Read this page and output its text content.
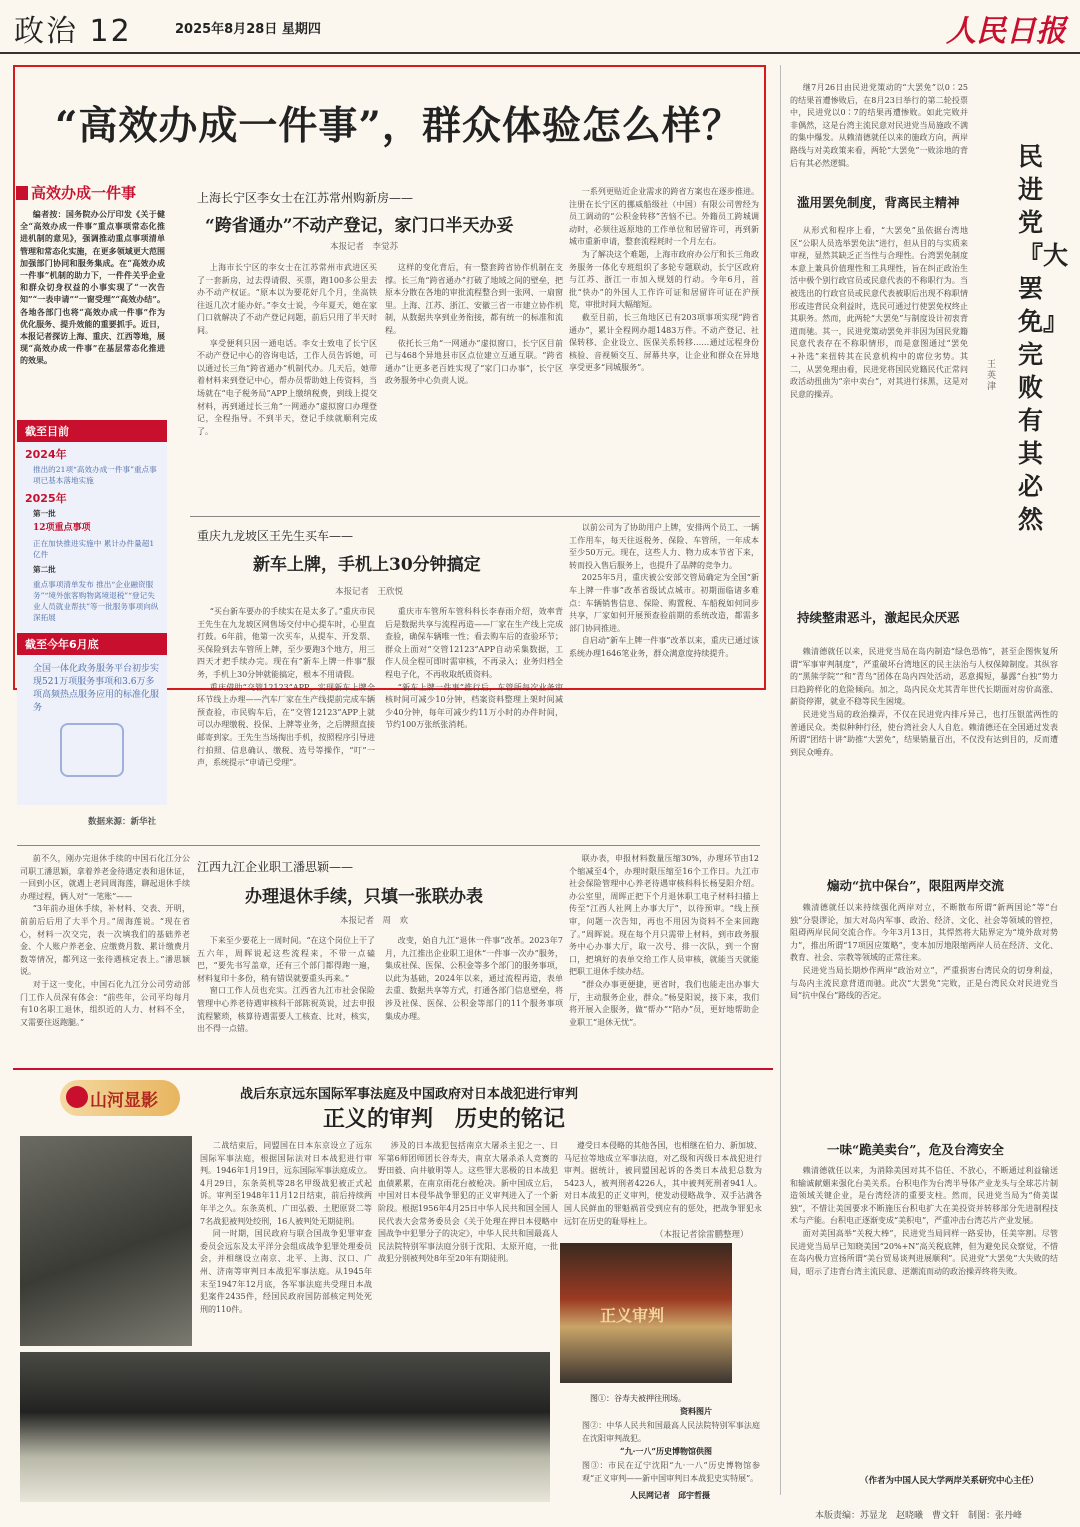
政治 12	2025年8月28日 星期四	人民日报
“高效办成一件事”，群众体验怎么样？
高效办成一件事

编者按：国务院办公厅印发《关于健全“高效办成一件事”重点事项常态化推进机制的意见》，强调推动重点事项清单管理和常态化实施，在更多领域更大范围加强部门协同和服务集成。在“高效办成一件事”机制的助力下，一件件关乎企业和群众切身权益的小事实现了“一次告知”“一表申请”“一窗受理”“高效办结”。各地各部门也将“高效办成一件事”作为优化服务、提升效能的重要抓手。近日，本报记者探访上海、重庆、江西等地，展现“高效办成一件事”在基层常态化推进的效果。

截至目前
2024年
推出的21项“高效办成一件事”重点事项已基本落地实施
2025年
第一批
12项重点事项
正在加快推进实施中 累计办件量超1亿件
第二批
重点事项清单发布 推出“企业融资服务”“境外旅客购物离境退税”“登记失业人员就业帮扶”等一批服务事项向纵深拓展
截至今年6月底
全国一体化政务服务平台初步实现521万项服务事项和3.6万多项高频热点服务应用的标准化服务
数据来源：新华社
上海长宁区李女士在江苏常州购新房——
“跨省通办”不动产登记，家门口半天办妥
本报记者　李觉苏

上海市长宁区的李女士在江苏常州市武进区买了一套新房，过去得请假、买票，跑100多公里去办不动产权证。“原本以为要花好几个月，坐高铁往返几次才能办好。”李女士说，今年夏天，她在家门口就解决了不动产登记问题，前后只用了半天时间。

享受便利只因一通电话。李女士致电了长宁区不动产登记中心的咨询电话，工作人员告诉她，可以通过长三角“跨省通办”机制代办。几天后，她带着材料来到登记中心，帮办员帮助她上传资料，当场就在“电子税务局”APP上缴纳税费，到线上提交材料，再到通过长三角“一网通办”虚拟窗口办理登记，全程指导。不到半天，登记手续就顺利完成了。

这样的变化背后，有一整套跨省协作机制在支撑。长三角“跨省通办”打破了地域之间的壁垒，把原本分散在各地的审批流程整合到一张网、一扇窗里。上海、江苏、浙江、安徽三省一市建立协作机制，从数据共享到业务衔接，都有统一的标准和流程。

依托长三角“一网通办”虚拟窗口，长宁区目前已与468个异地县市区点位建立互通互联。“跨省通办”让更多老百姓实现了“家门口办事”，长宁区政务服务中心负责人说。

一系列更贴近企业需求的跨省方案也在逐步推进。注册在长宁区的挪威船级社（中国）有限公司曾经为员工调动的“公积金转移”苦恼不已。外籍员工跨城调动时，必须往返原地的工作单位和居留许可，再到新城市重新申请，整套流程耗时一个月左右。

为了解决这个难题，上海市政府办公厅和长三角政务服务一体化专班组织了多轮专题联动，长宁区政府与江苏、浙江一市加入规划的行动。今年6月，首批“快办”的外国人工作许可证和居留许可证在沪预览，审批时间大幅缩短。

截至目前，长三角地区已有203项事项实现“跨省通办”，累计全程网办超1483万件。不动产登记、社保转移、企业设立、医保关系转移……通过远程身份核验、音视频交互、屏幕共享，让企业和群众在异地享受更多“同城服务”。

重庆九龙坡区王先生买车——
新车上牌，手机上30分钟搞定
本报记者　王欣悦

“买台新车要办的手续实在是太多了。”重庆市民王先生在九龙坡区网售场交付中心提车时，心里直打鼓。6年前，他第一次买车，从提车、开发票、买保险到去车管所上牌，至少要跑3个地方，用三四天才把手续办完。现在有“新车上牌一件事”服务，手机上30分钟就能搞定，根本不用请假。

重庆借助“交管12123”APP，实现新车上牌全环节线上办理——汽车厂家在生产线提前完成车辆预查验，市民购车后，在“交管12123”APP上就可以办理缴税、投保、上牌等业务，之后牌照直接邮寄到家。王先生当场掏出手机，按照程序引导进行拍照、信息确认、缴税、选号等操作，“叮”一声，系统提示“申请已受理”。

重庆市车管所车管科科长李春雨介绍，效率背后是数据共享与流程再造——厂家在生产线上完成查验，确保车辆唯一性；看去购车后的查验环节；群众上面对“交管12123”APP自动采集数据，工作人员全程可即时需审核，不再录入；业务归档全程电子化，不再收取纸质资料。

“新车上牌一件事”推行后，车管所每次业务审核时间可减少10分钟，档案资料整理上架时间减少40分钟，每年可减少约11万小时的办件时间，节约100万张纸张消耗。

以前公司为了协助用户上牌，安排两个员工、一辆工作用车，每天往返税务、保险、车管所，一年成本至少50万元。现在，这些人力、物力成本节省下来，转而投入售后服务上，也提升了品牌的竞争力。

2025年5月，重庆被公安部交管局确定为全国“新车上牌一件事”改革省级试点城市。初期面临诸多难点：车辆销售信息、保险、购置税、车船税如何同步共享，厂家如何开展预查验前期的系统改造，都需多部门协同推进。

自启动“新车上牌一件事”改革以来，重庆已通过该系统办理1646笔业务，群众满意度持续提升。

前不久，刚办完退休手续的中国石化江分公司职工潘思颖，拿着养老金待遇定表和退休证，一回到小区，就遇上老同周海莲，聊起退休手续办理过程，俩人对“一笔账”——

“3年前办退休手续，补材料、交表、开明，前前后后用了大半个月。”周海莲说。“现在省心，材料一次交完，表一次填我们的基础养老金、个人账户养老金、应缴费月数、累计缴费月数等情况，都列这一张待遇核定表上。”潘思颖说。

对于这一变化，中国石化九江分公司劳动部门工作人员深有体会：“前些年，公司平均每月有10名职工退休，组织近的人力、材料不全，又需要往返跑腿。”

江西九江企业职工潘思颖——
办理退休手续，只填一张联办表
本报记者　周　欢

下来至少要花上一周时间。“在这个岗位上干了五六年，周晖说起这些流程来，不带一点磕巴，“要先书写盖章，还有三个部门都得跑一遍，材料复印十多份，稍有错误就要重头再来。”

窗口工作人员也充实。江西省九江市社会保险管理中心养老待遇审核科干部陈祝英说，过去申报流程繁琐，核算待遇需要人工核查、比对，核实，出不得一点错。

改变，始自九江“退休一件事”改革。2023年7月，九江推出企业职工退休“一件事一次办”服务，集成社保、医保、公积金等多个部门的服务事项，以此为基础，2024年以来，通过流程再造，表单去重、数据共享等方式，打通各部门信息壁垒，将涉及社保、医保、公积金等部门的11个服务事项集成办理。

联办表，申报材料数量压缩30%，办理环节由12个缩减至4个，办理时限压缩至16个工作日。九江市社会保险管理中心养老待遇审核科科长杨旻阳介绍。办公室里，周晖正把下个月退休职工电子材料扫描上传至“江西人社网上办事大厅”，以待预审。“线上预审，问题一次告知，再也不用因为资料不全来回跑了。”周晖说。现在每个月只需带上材料，到市政务服务中心办事大厅，取一次号、排一次队，到一个窗口，把填好的表单交给工作人员审核，就能当天就能把职工退休手续办结。

“群众办事更便捷，更省时，我们也能走出办事大厅，主动服务企业，群众。”杨旻阳说，接下来，我们将开展入企服务，做“帮办”“陪办”员，更好地帮助企业职工“退休无忧”。

继7月26日由民进党策动的“大罢免”以0∶25的结果首遭惨败后，在8月23日举行的第二轮投票中，民进党以0∶7的结果再遭惨败。如此完败并非偶然，这是台湾主流民意对民进党当局施政不满的集中爆发。从赖清德就任以来的施政方向，两岸路线与对美政策来看，两轮“大罢免”一败涂地的背后有其必然逻辑。	民进党『大罢免』完败有其必然
王英津
滥用罢免制度，背离民主精神

从形式和程序上看，“大罢免”虽依据台湾地区“公职人员选举罢免法”进行，但从目的与实质来审视，显然其缺乏正当性与合理性。台湾罢免制度本意上兼具价值理性和工具理性，旨在纠正政治生活中极个别行政官员或民意代表的不称职行为。当被选出的行政官员或民意代表被职后出现不称职情形或违背民众利益时，选民可通过行使罢免权终止其职务。然而，此两轮“大罢免”与制度设计初衷背道而驰。其一，民进党策动罢免并非因为国民党籍民意代表存在不称职情形，而是意图通过“罢免+补选”来扭转其在民意机构中的席位劣势。其二，从罢免理由看，民进党将国民党籍民代正常问政活动扭曲为“亲中卖台”，对其进行抹黑，这是对民意的操弄。

持续整肃恶斗，激起民众厌恶

赖清德就任以来，民进党当局在岛内制造“绿色恐怖”，甚至企图恢复所谓“军事审判制度”，严重破坏台湾地区的民主法治与人权保障制度。其纵容的“黑熊学院”“和”青鸟”团体在岛内四处活动，恶意揭短，暴露“台独”势力日趋跨样化的危险倾向。加之，岛内民众尤其青年世代长期面对房价高涨、薪资停滞，就业不稳等民生困境。

民进党当局的政治操弄，不仅在民进党内排斥异己，也打压银蓝两性的普通民众。类似种种行径，使台湾社会人人自危。赖清德还在全国通过发表所谓“团结十讲”助推“大罢免”，结果销量百出，不仅没有达到目的，反而遭到民众唾弃。

煽动“抗中保台”，限阻两岸交流

赖清德就任以来持续强化两岸对立，不断散布所谓“新两国论”等“台独”分裂谬论，加大对岛内军事、政治、经济、文化、社会等领域的管控，阻碍两岸民间交流合作。今年3月13日，其悍然将大陆界定为“境外敌对势力”，推出所谓“17项因应策略”，变本加厉地限缩两岸人员在经济、文化、教育、社会、宗教等领域的正常往来。

民进党当局长期炒作两岸“政治对立”，严重损害台湾民众的切身利益，与岛内主流民意背道而驰。此次“大罢免”完败，正是台湾民众对民进党当局“抗中保台”路线的否定。

一味“跪美卖台”，危及台湾安全

赖清德就任以来，为消除美国对其不信任、不放心，不断通过利益输送和输诚献媚来强化台美关系。台积电作为台湾半导体产业龙头与全球芯片制造领域关键企业，是台湾经济的重要支柱。然而，民进党当局为“倚美谋独”，不惜让美国要求不断施压台积电扩大在美投资并转移部分先进制程技术与产能。台积电正逐渐变成“美积电”，严重冲击台湾芯片产业发展。

面对美国高举“关税大棒”，民进党当局同样一路妥协，任美宰割。尽管民进党当局早已知晓美国“20%+N”高关税底牌，但为避免民众察觉，不惜在岛内极力宣扬所谓“美台贸易谈判进展顺利”。民进党“大罢免”大失败的结局，昭示了违背台湾主流民意、逆潮流而动的政治操弄终将失败。

（作者为中国人民大学两岸关系研究中心主任）
山河显影	战后东京远东国际军事法庭及中国政府对日本战犯进行审判
正义的审判　历史的铭记

二战结束后，同盟国在日本东京设立了远东国际军事法庭，根据国际法对日本战犯进行审判。1946年1月19日，远东国际军事法庭成立。4月29日，东条英机等28名甲级战犯被正式起诉。审判至1948年11月12日结束，前后持续两年半之久。东条英机、广田弘毅、土肥原贤二等7名战犯被判处绞刑，16人被判处无期徒刑。

同一时期，国民政府与联合国战争犯罪审查委员会远东及太平洋分会组成战争犯罪处理委员会，并相继设立南京、北平、上海、汉口、广州、济南等审判日本战犯军事法庭。从1945年末至1947年12月底，各军事法庭共受理日本战犯案件2435件，经国民政府国防部核定判处死刑的110件。

涉及的日本战犯包括南京大屠杀主犯之一、日军第6师团师团长谷寿夫，南京大屠杀杀人竞赛的野田毅、向井敏明等人。这些罪大恶极的日本战犯血债累累，在南京雨花台被枪决。新中国成立后，中国对日本侵华战争罪犯的正义审判进入了一个新阶段。根据1956年4月25日中华人民共和国全国人民代表大会常务委员会《关于处理在押日本侵略中国战争中犯罪分子的决定》，中华人民共和国最高人民法院特别军事法庭分别于沈阳、太原开庭，一批战犯分别被判处8年至20年有期徒刑。

遵受日本侵略的其他各国，也相继在伯力、新加坡、马尼拉等地成立军事法庭，对乙级和丙级日本战犯进行审判。据统计，被同盟国起诉的各类日本战犯总数为5423人，被判刑者4226人，其中被判死刑者941人。对日本战犯的正义审判，使发动侵略战争、双手沾满各国人民鲜血的罪魁祸首受到应有的惩处，把战争罪犯永远钉在历史的耻辱柱上。

（本报记者徐雷鹏整理）
正义审判
图①：谷寿夫被押往刑场。
资料图片

图②：中华人民共和国最高人民法院特别军事法庭在沈阳审判战犯。

“九·一八”历史博物馆供图

图③：市民在辽宁沈阳“九·一八”历史博物馆参观“正义审判——新中国审判日本战犯史实特展”。

人民网记者　邱宇哲摄
本版责编：苏显龙　赵晓曦　曹文轩　制图：张丹峰
